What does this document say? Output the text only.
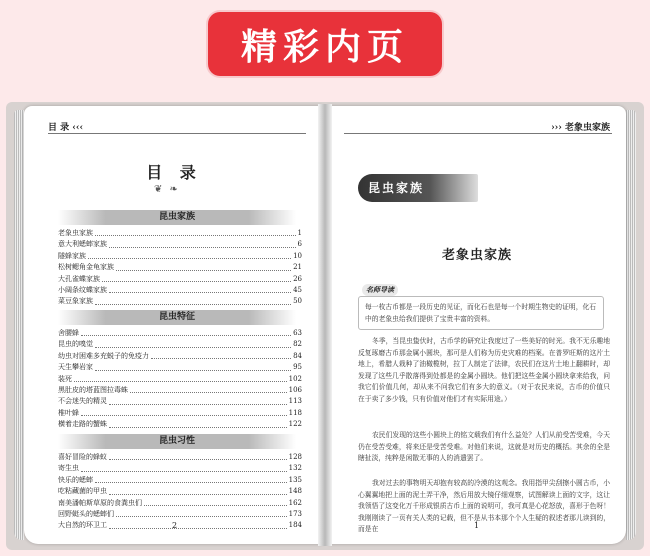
精彩内页
目 录 ‹‹‹
目 录
❦ ❧
昆虫家族
老象虫家族	1
意大利蟋蟀家族	6
隧蜂家族	10
松树鳃角金龟家族	21
大孔雀蝶家族	26
小阔条纹蝶家族	45
菜豆象家族	50
昆虫特征
舍腰蜂	63
昆虫的嗅觉	82
幼虫对困难多充蜕子的免疫力	84
天生攀岩家	95
装死	102
黑肚皮的塔蓝图拉毒蛛	106
不会迷失的精灵	113
椎叶蜂	118
横着走路的蟹蛛	122
昆虫习性
喜好冒险的蜂蚁	128
寄生虫	132
快乐的蟋蟀	135
吃粘藏菌的甲虫	148
南美潘帕斯草原的食粪虫们	162
回野蜓头的蟋蟀们	173
大自然的环卫工	184
2
››› 老象虫家族
昆虫家族
老象虫家族
名师导读
每一枚古币都是一段历史的见证，而化石也是每一个时期生物史的证明，化石中的老象虫给我们提供了宝贵丰富的资料。

冬季，当昆虫蛰伏时，古币学的研究让我度过了一些美好的时光。我不无乐趣地反复琢磨古币那金属小圆块，那可是人们称为历史灾难的档案。在普罗旺斯的这片土地上，希腊人栽种了油橄榄树，拉丁人制定了法律，农民们在这片土地上翻耕时，却发现了这些几乎散落得到处都是的金属小圆块。他们把这些金属小圆块拿来给我，问我它们价值几何，却从来不问我它们有多大的意义。（对于农民来说，古币的价值只在于卖了多少钱，只有价值对他们才有实际用途。）

农民们发现的这些小圆块上的铭文载我们有什么益处？人们从前受苦受难，今天仍在受苦受难，将来还是受苦受难。对他们来说，这就是对历史的概括。其余的全是瞎扯淡，纯粹是闲散无事的人的消遣罢了。

我对过去的事物明天却抱有较高的冷漠的这观念。我用指甲尖刮擦小圆古币，小心翼翼地把上面的泥土弄干净，然后用放大镜仔细观察，试图解读上面的文字，这让我领悟了这变化万千形成银质古币上面的说明可，我可真是心花怒放，喜形于色呀！我刚刚读了一页有关人类的记载，但不是从书本那个个人生疑的叙述者那儿读到的，而是在	1
